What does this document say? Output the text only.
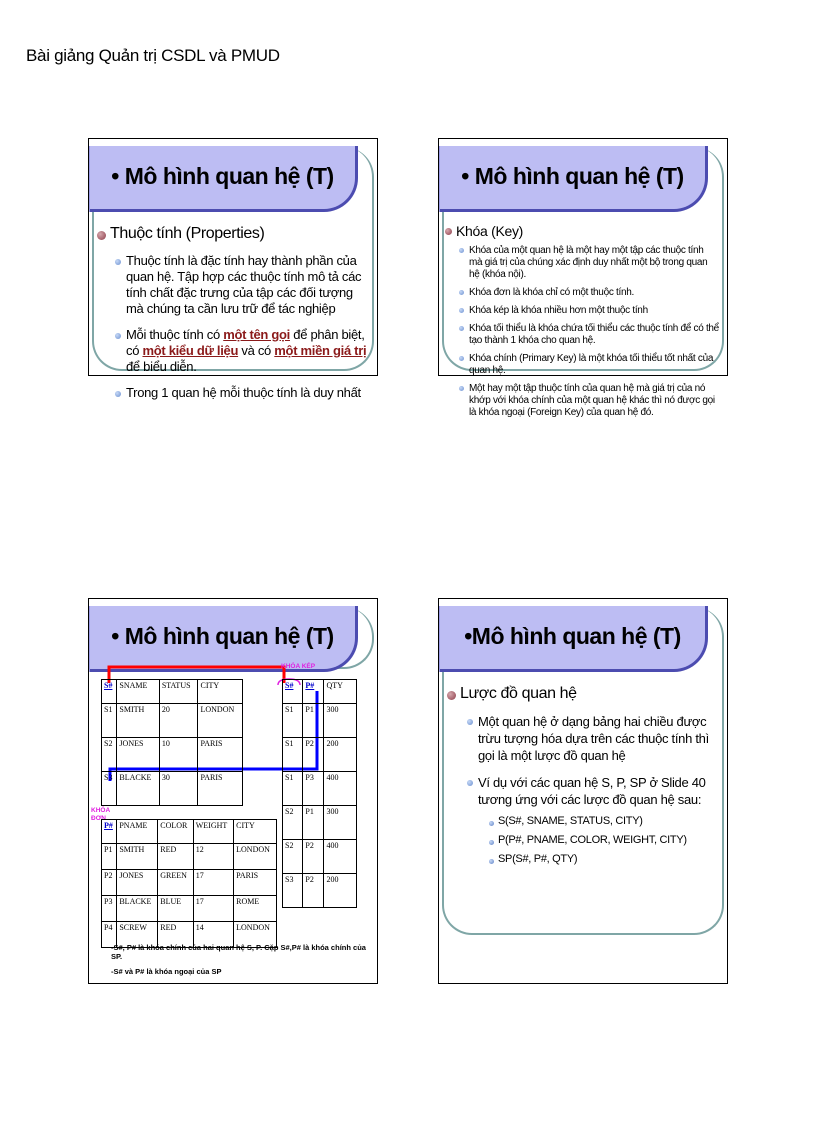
Bài giảng Quản trị CSDL và PMUD
• Mô hình quan hệ (T)
Thuộc tính (Properties)
Thuộc tính là đặc tính hay thành phần của quan hệ. Tập hợp các thuộc tính mô tả các tính chất đặc trưng của tập các đối tượng mà chúng ta cần lưu trữ để tác nghiệp
Mỗi thuộc tính có một tên gọi để phân biệt, có một kiểu dữ liệu và có một miền giá trị để biểu diễn.
Trong 1 quan hệ mỗi thuộc tính là duy nhất
• Mô hình quan hệ (T)
Khóa (Key)
Khóa của một quan hệ là một hay một tập các thuộc tính mà giá trị của chúng xác định duy nhất một bộ trong quan hệ (khóa nội).
Khóa đơn là khóa chỉ có một thuộc tính.
Khóa kép là khóa nhiều hơn một thuộc tính
Khóa tối thiểu là khóa chứa tối thiểu các thuộc tính để có thể tạo thành 1 khóa cho quan hệ.
Khóa chính (Primary Key) là một khóa tối thiểu tốt nhất của quan hệ.
Một hay một tập thuộc tính của quan hệ mà giá trị của nó khớp với khóa chính của một quan hệ khác thì nó được gọi là khóa ngoại (Foreign Key) của quan hệ đó.
• Mô hình quan hệ (T)
KHÓA KÉP
KHÓA
ĐƠN
S#	SNAME	STATUS	CITY
S1	SMITH	20	LONDON
S2	JONES	10	PARIS
S3	BLACKE	30	PARIS
P#	PNAME	COLOR	WEIGHT	CITY
P1	SMITH	RED	12	LONDON
P2	JONES	GREEN	17	PARIS
P3	BLACKE	BLUE	17	ROME
P4	SCREW	RED	14	LONDON
S#	P#	QTY
S1	P1	300
S1	P2	200
S1	P3	400
S2	P1	300
S2	P2	400
S3	P2	200
-S#, P# là khóa chính của hai quan hệ S, P. Cặp S#,P# là khóa chính của SP.
-S# và P# là khóa ngoại của SP
•Mô hình quan hệ (T)
Lược đồ quan hệ
Một quan hệ ở dạng bảng hai chiều được trừu tượng hóa dựa trên các thuộc tính thì gọi là một lược đồ quan hệ
Ví dụ với các quan hệ S, P, SP ở Slide 40 tương ứng với các lược đồ quan hệ sau:
S(S#, SNAME, STATUS, CITY)
P(P#, PNAME, COLOR, WEIGHT, CITY)
SP(S#, P#, QTY)
